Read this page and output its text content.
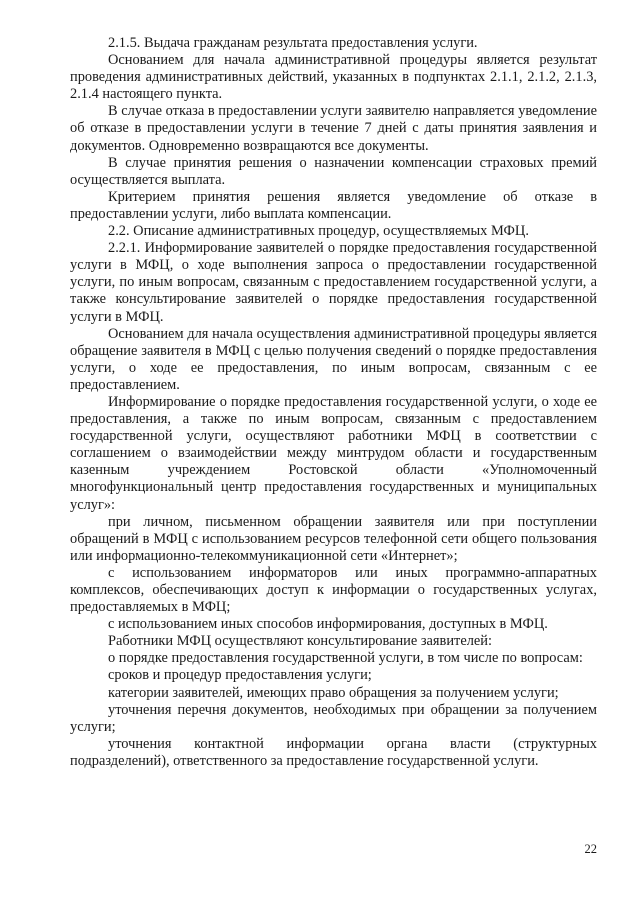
2.1.5. Выдача гражданам результата предоставления услуги.

Основанием для начала административной процедуры является результат проведения административных действий, указанных в подпунктах 2.1.1, 2.1.2, 2.1.3, 2.1.4 настоящего пункта.

В случае отказа в предоставлении услуги заявителю направляется уведомление об отказе в предоставлении услуги в течение 7 дней с даты принятия заявления и документов. Одновременно возвращаются все документы.

В случае принятия решения о назначении компенсации страховых премий осуществляется выплата.

Критерием принятия решения является уведомление об отказе в предоставлении услуги, либо выплата компенсации.

2.2. Описание административных процедур, осуществляемых МФЦ.

2.2.1. Информирование заявителей о порядке предоставления государственной услуги в МФЦ, о ходе выполнения запроса о предоставлении государственной услуги, по иным вопросам, связанным с предоставлением государственной услуги, а также консультирование заявителей о порядке предоставления государственной услуги в МФЦ.

Основанием для начала осуществления административной процедуры является обращение заявителя в МФЦ с целью получения сведений о порядке предоставления услуги, о ходе ее предоставления, по иным вопросам, связанным с ее предоставлением.

Информирование о порядке предоставления государственной услуги, о ходе ее предоставления, а также по иным вопросам, связанным с предоставлением государственной услуги, осуществляют работники МФЦ в соответствии с соглашением о взаимодействии между минтрудом области и государственным казенным учреждением Ростовской области «Уполномоченный многофункциональный центр предоставления государственных и муниципальных услуг»:

при личном, письменном обращении заявителя или при поступлении обращений в МФЦ с использованием ресурсов телефонной сети общего пользования или информационно-телекоммуникационной сети «Интернет»;

с использованием информаторов или иных программно-аппаратных комплексов, обеспечивающих доступ к информации о государственных услугах, предоставляемых в МФЦ;

с использованием иных способов информирования, доступных в МФЦ.

Работники МФЦ осуществляют консультирование заявителей:

о порядке предоставления государственной услуги, в том числе по вопросам:

сроков и процедур предоставления услуги;

категории заявителей, имеющих право обращения за получением услуги;

уточнения перечня документов, необходимых при обращении за получением услуги;

уточнения контактной информации органа власти (структурных подразделений), ответственного за предоставление государственной услуги.

22
